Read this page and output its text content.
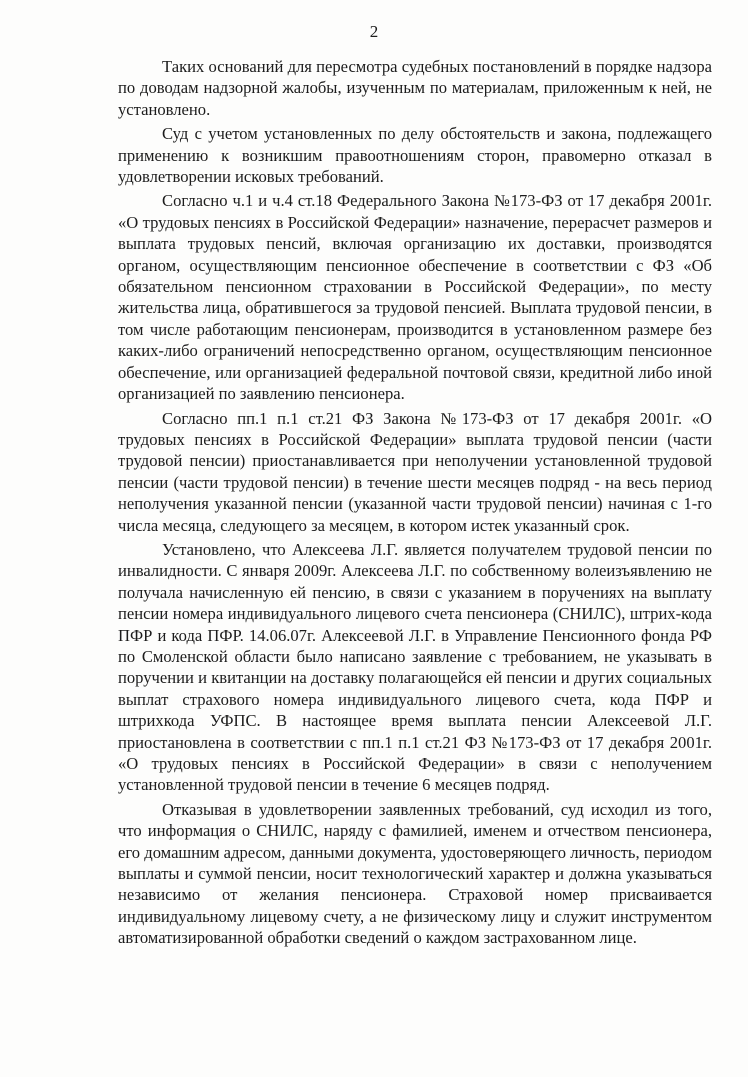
2

Таких оснований для пересмотра судебных постановлений в порядке надзора по доводам надзорной жалобы, изученным по материалам, приложенным к ней, не установлено.

Суд с учетом установленных по делу обстоятельств и закона, подлежащего применению к возникшим правоотношениям сторон, правомерно отказал в удовлетворении исковых требований.

Согласно ч.1 и ч.4 ст.18 Федерального Закона №173-ФЗ от 17 декабря 2001г. «О трудовых пенсиях в Российской Федерации» назначение, перерасчет размеров и выплата трудовых пенсий, включая организацию их доставки, производятся органом, осуществляющим пенсионное обеспечение в соответствии с ФЗ «Об обязательном пенсионном страховании в Российской Федерации», по месту жительства лица, обратившегося за трудовой пенсией. Выплата трудовой пенсии, в том числе работающим пенсионерам, производится в установленном размере без каких-либо ограничений непосредственно органом, осуществляющим пенсионное обеспечение, или организацией федеральной почтовой связи, кредитной либо иной организацией по заявлению пенсионера.

Согласно пп.1 п.1 ст.21 ФЗ Закона №173-ФЗ от 17 декабря 2001г. «О трудовых пенсиях в Российской Федерации» выплата трудовой пенсии (части трудовой пенсии) приостанавливается при неполучении установленной трудовой пенсии (части трудовой пенсии) в течение шести месяцев подряд - на весь период неполучения указанной пенсии (указанной части трудовой пенсии) начиная с 1-го числа месяца, следующего за месяцем, в котором истек указанный срок.

Установлено, что Алексеева Л.Г. является получателем трудовой пенсии по инвалидности. С января 2009г. Алексеева Л.Г. по собственному волеизъявлению не получала начисленную ей пенсию, в связи с указанием в поручениях на выплату пенсии номера индивидуального лицевого счета пенсионера (СНИЛС), штрих-кода ПФР и кода ПФР. 14.06.07г. Алексеевой Л.Г. в Управление Пенсионного фонда РФ по Смоленской области было написано заявление с требованием, не указывать в поручении и квитанции на доставку полагающейся ей пенсии и других социальных выплат страхового номера индивидуального лицевого счета, кода ПФР и штрихкода УФПС. В настоящее время выплата пенсии Алексеевой Л.Г. приостановлена в соответствии с пп.1 п.1 ст.21 ФЗ №173-ФЗ от 17 декабря 2001г. «О трудовых пенсиях в Российской Федерации» в связи с неполучением установленной трудовой пенсии в течение 6 месяцев подряд.

Отказывая в удовлетворении заявленных требований, суд исходил из того, что информация о СНИЛС, наряду с фамилией, именем и отчеством пенсионера, его домашним адресом, данными документа, удостоверяющего личность, периодом выплаты и суммой пенсии, носит технологический характер и должна указываться независимо от желания пенсионера. Страховой номер присваивается индивидуальному лицевому счету, а не физическому лицу и служит инструментом автоматизированной обработки сведений о каждом застрахованном лице.
